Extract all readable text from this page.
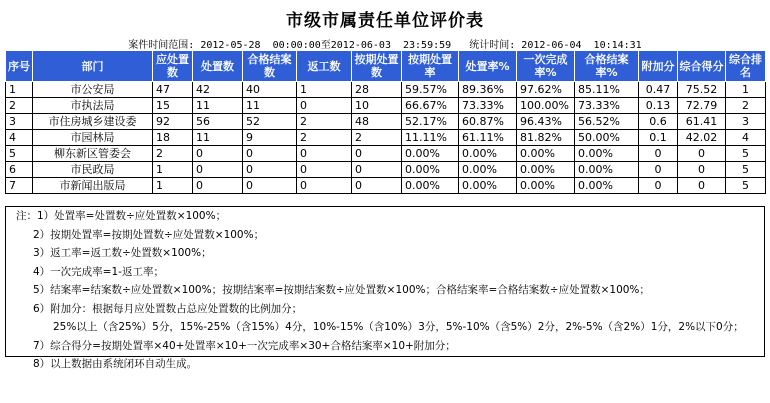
市级市属责任单位评价表
案件时间范围: 2012-05-28  00:00:00至2012-06-03  23:59:59 统计时间: 2012-06-04  10:14:31
序号	部门	应处置数	处置数	合格结案数	返工数	按期处置数	按期处置率	处置率%	一次完成率%	合格结案率%	附加分	综合得分	综合排名
1	市公安局	47	42	40	1	28	59.57%	89.36%	97.62%	85.11%	0.47	75.52	1
2	市执法局	15	11	11	0	10	66.67%	73.33%	100.00%	73.33%	0.13	72.79	2
3	市住房城乡建设委	92	56	52	2	48	52.17%	60.87%	96.43%	56.52%	0.6	61.41	3
4	市园林局	18	11	9	2	2	11.11%	61.11%	81.82%	50.00%	0.1	42.02	4
5	柳东新区管委会	2	0	0	0	0	0.00%	0.00%	0.00%	0.00%	0	0	5
6	市民政局	1	0	0	0	0	0.00%	0.00%	0.00%	0.00%	0	0	5
7	市新闻出版局	1	0	0	0	0	0.00%	0.00%	0.00%	0.00%	0	0	5
注：1）处置率=处置数÷应处置数×100%；
2）按期处置率=按期处置数÷应处置数×100%；
3）返工率=返工数÷处置数×100%；
4）一次完成率=1-返工率；
5）结案率=结案数÷应处置数×100%；按期结案率=按期结案数÷应处置数×100%；合格结案率=合格结案数÷应处置数×100%；
6）附加分：根据每月应处置数占总应处置数的比例加分；
25%以上（含25%）5分，15%-25%（含15%）4分，10%-15%（含10%）3分，5%-10%（含5%）2分，2%-5%（含2%）1分，2%以下0分；
7）综合得分=按期处置率×40+处置率×10+一次完成率×30+合格结案率×10+附加分；
8）以上数据由系统闭环自动生成。
